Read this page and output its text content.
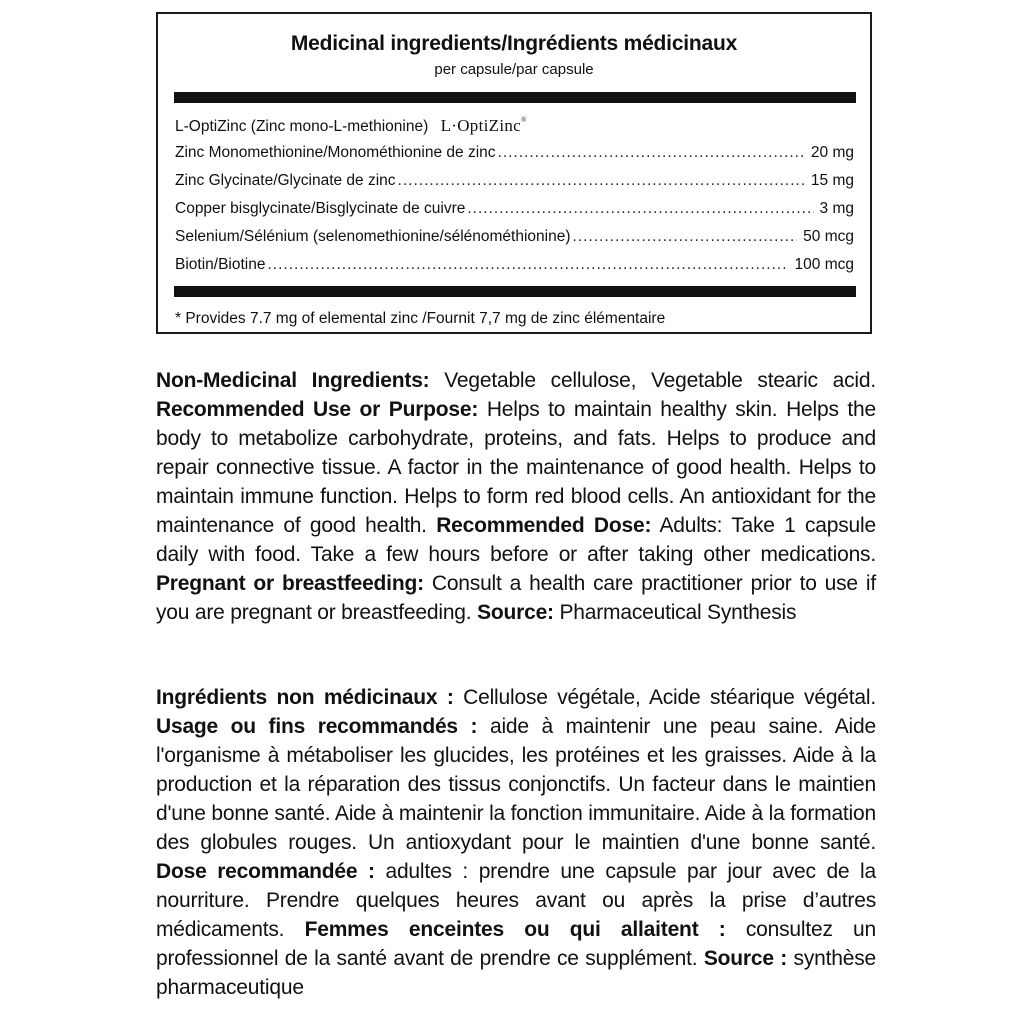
Medicinal ingredients/Ingrédients médicinaux
per capsule/par capsule
L-OptiZinc (Zinc mono-L-methionine) L·OptiZinc®
Zinc Monomethionine/Monométhionine de zinc .....	20 mg
Zinc Glycinate/Glycinate de zinc .....	15 mg
Copper bisglycinate/Bisglycinate de cuivre .....	3 mg
Selenium/Sélénium (selenomethionine/sélénométhionine) .....	50 mcg
Biotin/Biotine .....	100 mcg
* Provides 7.7 mg of elemental zinc /Fournit 7,7 mg de zinc élémentaire
Non-Medicinal Ingredients: Vegetable cellulose, Vegetable stearic acid. Recommended Use or Purpose: Helps to maintain healthy skin. Helps the body to metabolize carbohydrate, proteins, and fats. Helps to produce and repair connective tissue. A factor in the maintenance of good health. Helps to maintain immune function. Helps to form red blood cells. An antioxidant for the maintenance of good health. Recommended Dose: Adults: Take 1 capsule daily with food. Take a few hours before or after taking other medications. Pregnant or breastfeeding: Consult a health care practitioner prior to use if you are pregnant or breastfeeding. Source: Pharmaceutical Synthesis
Ingrédients non médicinaux : Cellulose végétale, Acide stéarique végétal. Usage ou fins recommandés : aide à maintenir une peau saine. Aide l'organisme à métaboliser les glucides, les protéines et les graisses. Aide à la production et la réparation des tissus conjonctifs. Un facteur dans le maintien d'une bonne santé. Aide à maintenir la fonction immunitaire. Aide à la formation des globules rouges. Un antioxydant pour le maintien d'une bonne santé. Dose recommandée : adultes : prendre une capsule par jour avec de la nourriture. Prendre quelques heures avant ou après la prise d’autres médicaments. Femmes enceintes ou qui allaitent : consultez un professionnel de la santé avant de prendre ce supplément. Source : synthèse pharmaceutique
